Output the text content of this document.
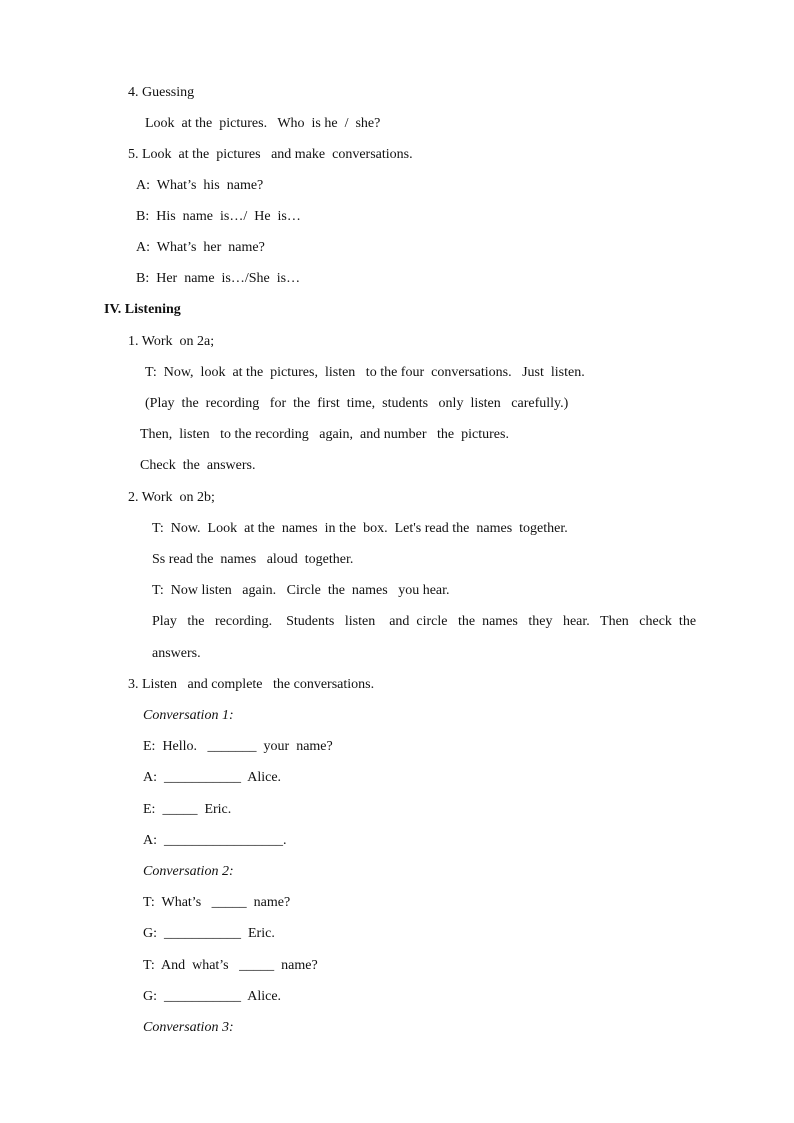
4. Guessing
Look  at the  pictures.   Who  is he  /  she?
5. Look  at the  pictures   and make  conversations.
A:  What’s  his  name?
B:  His  name  is…/  He  is…
A:  What’s  her  name?
B:  Her  name  is…/She  is…
IV. Listening
1. Work  on 2a;
T:  Now,  look  at the  pictures,  listen   to the four  conversations.   Just  listen.
(Play  the  recording   for  the  first  time,  students   only  listen   carefully.)
Then,  listen   to the recording   again,  and number   the  pictures.
Check  the  answers.
2. Work  on 2b;
T:  Now.  Look  at the  names  in the  box.  Let's read the  names  together.
Ss read the  names   aloud  together.
T:  Now listen   again.   Circle  the  names   you hear.
Play   the   recording.    Students   listen    and  circle   the  names   they   hear.   Then   check  the
answers.
3. Listen   and complete   the conversations.
Conversation 1:
E:  Hello.   _______  your  name?
A:  ___________  Alice.
E:  _____  Eric.
A:  _________________.
Conversation 2:
T:  What’s   _____  name?
G:  ___________  Eric.
T:  And  what’s   _____  name?
G:  ___________  Alice.
Conversation 3:
